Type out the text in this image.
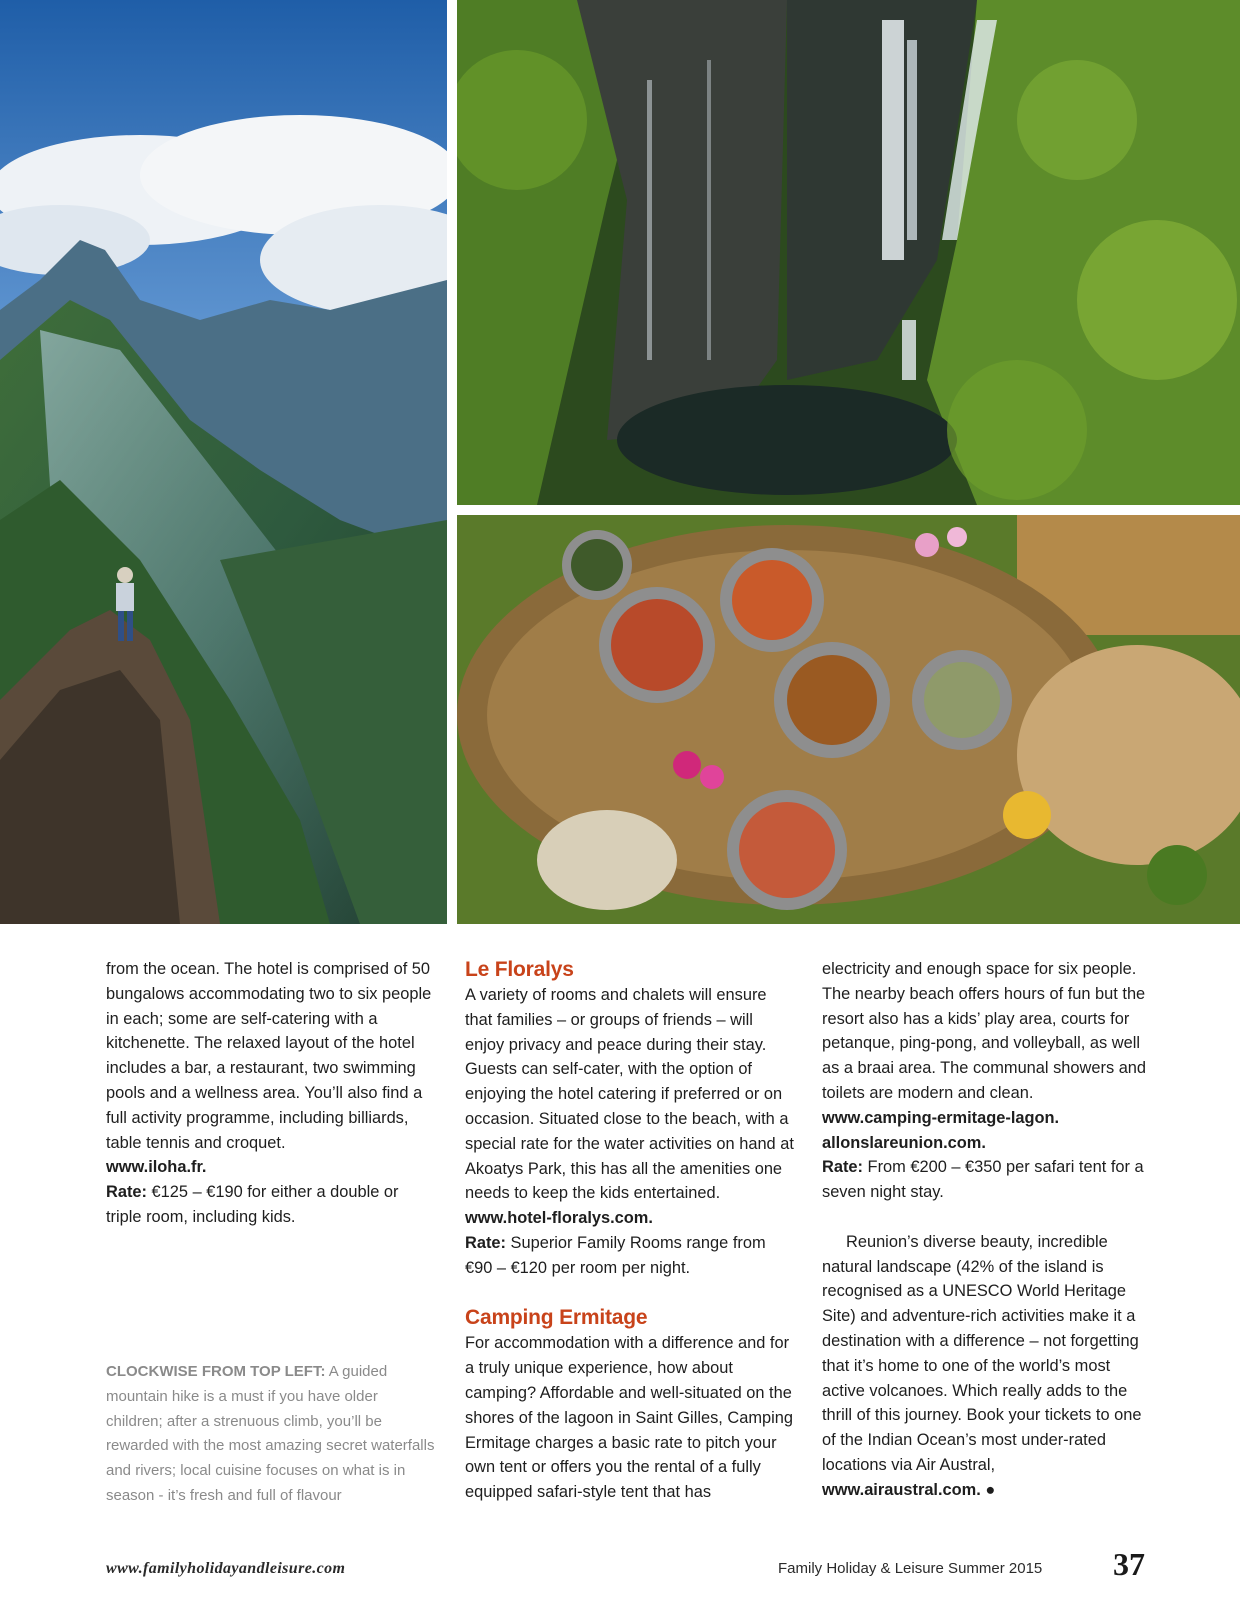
from the ocean. The hotel is comprised of 50 bungalows accommodating two to six people in each; some are self-catering with a kitchenette. The relaxed layout of the hotel includes a bar, a restaurant, two swimming pools and a wellness area. You’ll also find a full activity programme, including billiards, table tennis and croquet.

www.iloha.fr.

Rate: €125 – €190 for either a double or triple room, including kids.

CLOCKWISE FROM TOP LEFT: A guided mountain hike is a must if you have older children; after a strenuous climb, you’ll be rewarded with the most amazing secret waterfalls and rivers; local cuisine focuses on what is in season - it’s fresh and full of flavour
Le Floralys

A variety of rooms and chalets will ensure that families – or groups of friends – will enjoy privacy and peace during their stay. Guests can self-cater, with the option of enjoying the hotel catering if preferred or on occasion. Situated close to the beach, with a special rate for the water activities on hand at Akoatys Park, this has all the amenities one needs to keep the kids entertained.

www.hotel-floralys.com.

Rate: Superior Family Rooms range from €90 – €120 per room per night.

Camping Ermitage

For accommodation with a difference and for a truly unique experience, how about camping? Affordable and well-situated on the shores of the lagoon in Saint Gilles, Camping Ermitage charges a basic rate to pitch your own tent or offers you the rental of a fully equipped safari-style tent that has

electricity and enough space for six people. The nearby beach offers hours of fun but the resort also has a kids’ play area, courts for petanque, ping-pong, and volleyball, as well as a braai area. The communal showers and toilets are modern and clean.

www.camping-ermitage-lagon.

allonslareunion.com.

Rate: From €200 – €350 per safari tent for a seven night stay.

Reunion’s diverse beauty, incredible natural landscape (42% of the island is recognised as a UNESCO World Heritage Site) and adventure-rich activities make it a destination with a difference – not forgetting that it’s home to one of the world’s most active volcanoes. Which really adds to the thrill of this journey. Book your tickets to one of the Indian Ocean’s most under-rated locations via Air Austral,

www.airaustral.com. ●

www.familyholidayandleisure.com	Family Holiday & Leisure Summer 2015 37
